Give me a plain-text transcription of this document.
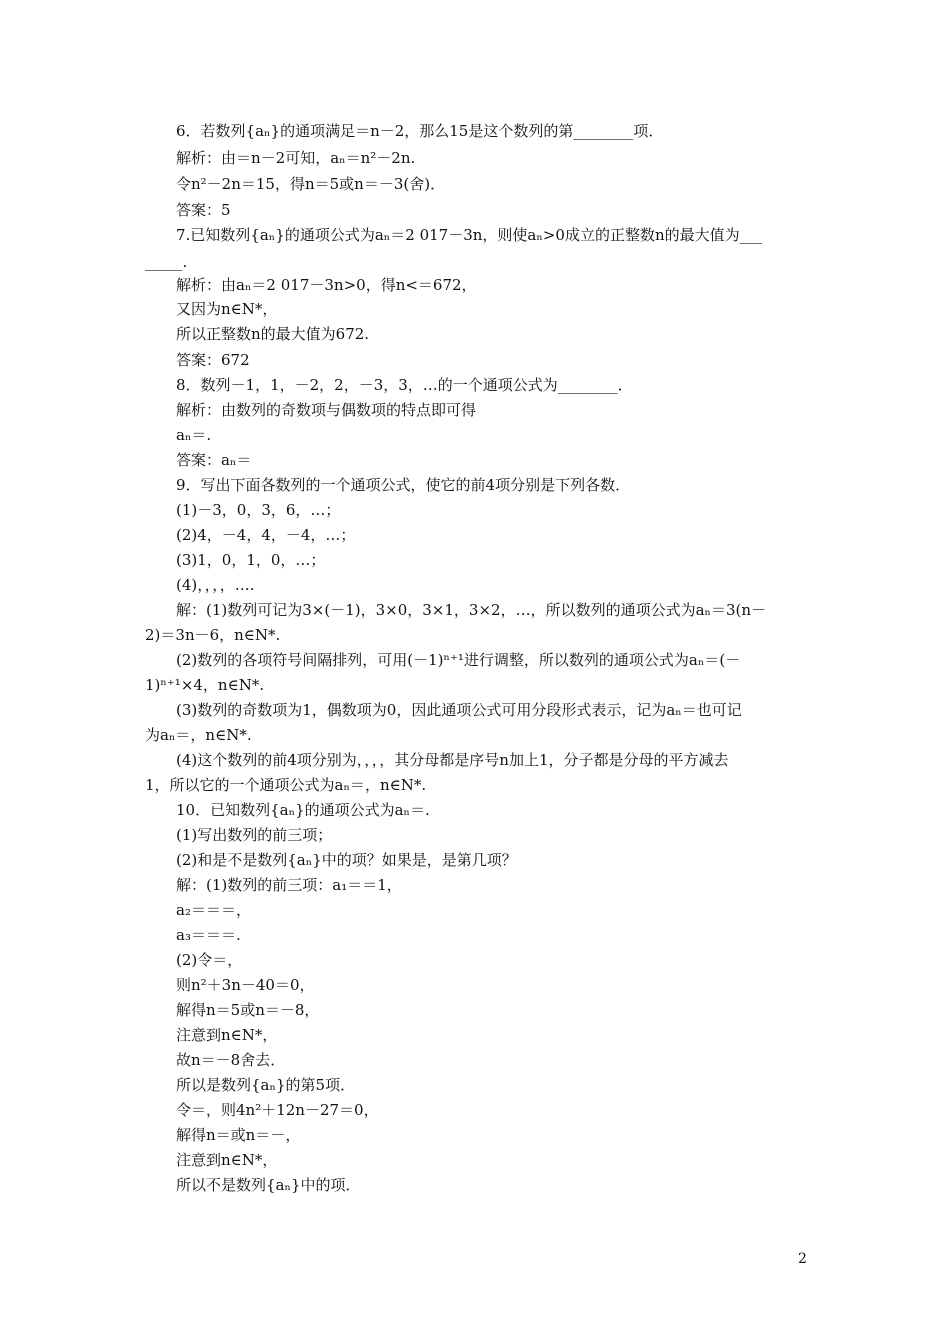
6．若数列{aₙ}的通项满足＝n－2，那么15是这个数列的第________项．
解析：由＝n－2可知，aₙ＝n²－2n.
令n²－2n＝15，得n＝5或n＝－3(舍)．
答案：5
7.已知数列{aₙ}的通项公式为aₙ＝2 017－3n，则使aₙ>0成立的正整数n的最大值为___
_____.
解析：由aₙ＝2 017－3n>0，得n<＝672，
又因为n∈N*，
所以正整数n的最大值为672.
答案：672
8．数列－1，1，－2，2，－3，3，…的一个通项公式为________．
解析：由数列的奇数项与偶数项的特点即可得
aₙ＝.
答案：aₙ＝
9．写出下面各数列的一个通项公式，使它的前4项分别是下列各数．
(1)－3，0，3，6，…；
(2)4，－4，4，－4，…；
(3)1，0，1，0，…；
(4)，，，，….
解：(1)数列可记为3×(－1)，3×0，3×1，3×2，…，所以数列的通项公式为aₙ＝3(n－
2)＝3n－6，n∈N*.
(2)数列的各项符号间隔排列，可用(－1)ⁿ⁺¹进行调整，所以数列的通项公式为aₙ＝(－
1)ⁿ⁺¹×4，n∈N*.
(3)数列的奇数项为1，偶数项为0，因此通项公式可用分段形式表示，记为aₙ＝也可记
为aₙ＝，n∈N*.
(4)这个数列的前4项分别为，，，，其分母都是序号n加上1，分子都是分母的平方减去
1，所以它的一个通项公式为aₙ＝，n∈N*.
10．已知数列{aₙ}的通项公式为aₙ＝.
(1)写出数列的前三项；
(2)和是不是数列{aₙ}中的项？如果是，是第几项？
解：(1)数列的前三项：a₁＝＝1，
a₂＝＝＝，
a₃＝＝＝.
(2)令＝，
则n²＋3n－40＝0，
解得n＝5或n＝－8，
注意到n∈N*，
故n＝－8舍去．
所以是数列{aₙ}的第5项．
令＝，则4n²＋12n－27＝0，
解得n＝或n＝－，
注意到n∈N*，
所以不是数列{aₙ}中的项．
2
